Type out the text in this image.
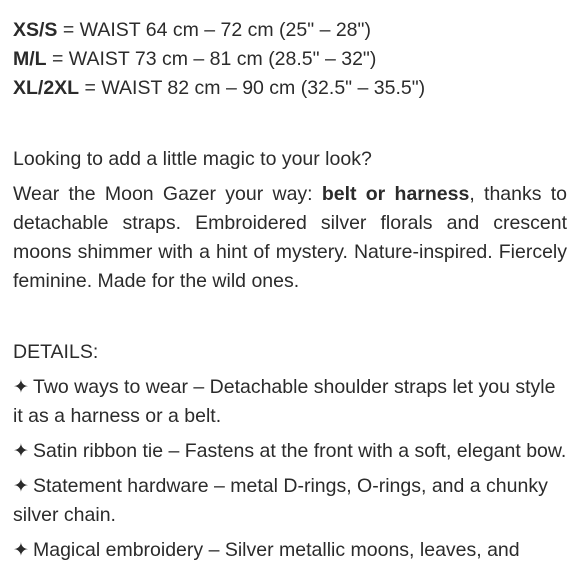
XS/S = WAIST 64 cm – 72 cm (25" – 28")
M/L = WAIST 73 cm – 81 cm (28.5" – 32")
XL/2XL = WAIST 82 cm – 90 cm (32.5" – 35.5")

Looking to add a little magic to your look?

Wear the Moon Gazer your way: belt or harness, thanks to detachable straps. Embroidered silver florals and crescent moons shimmer with a hint of mystery. Nature-inspired. Fiercely feminine. Made for the wild ones.

DETAILS:

✦ Two ways to wear – Detachable shoulder straps let you style it as a harness or a belt.

✦ Satin ribbon tie – Fastens at the front with a soft, elegant bow.

✦ Statement hardware – metal D-rings, O-rings, and a chunky silver chain.

✦ Magical embroidery – Silver metallic moons, leaves, and
